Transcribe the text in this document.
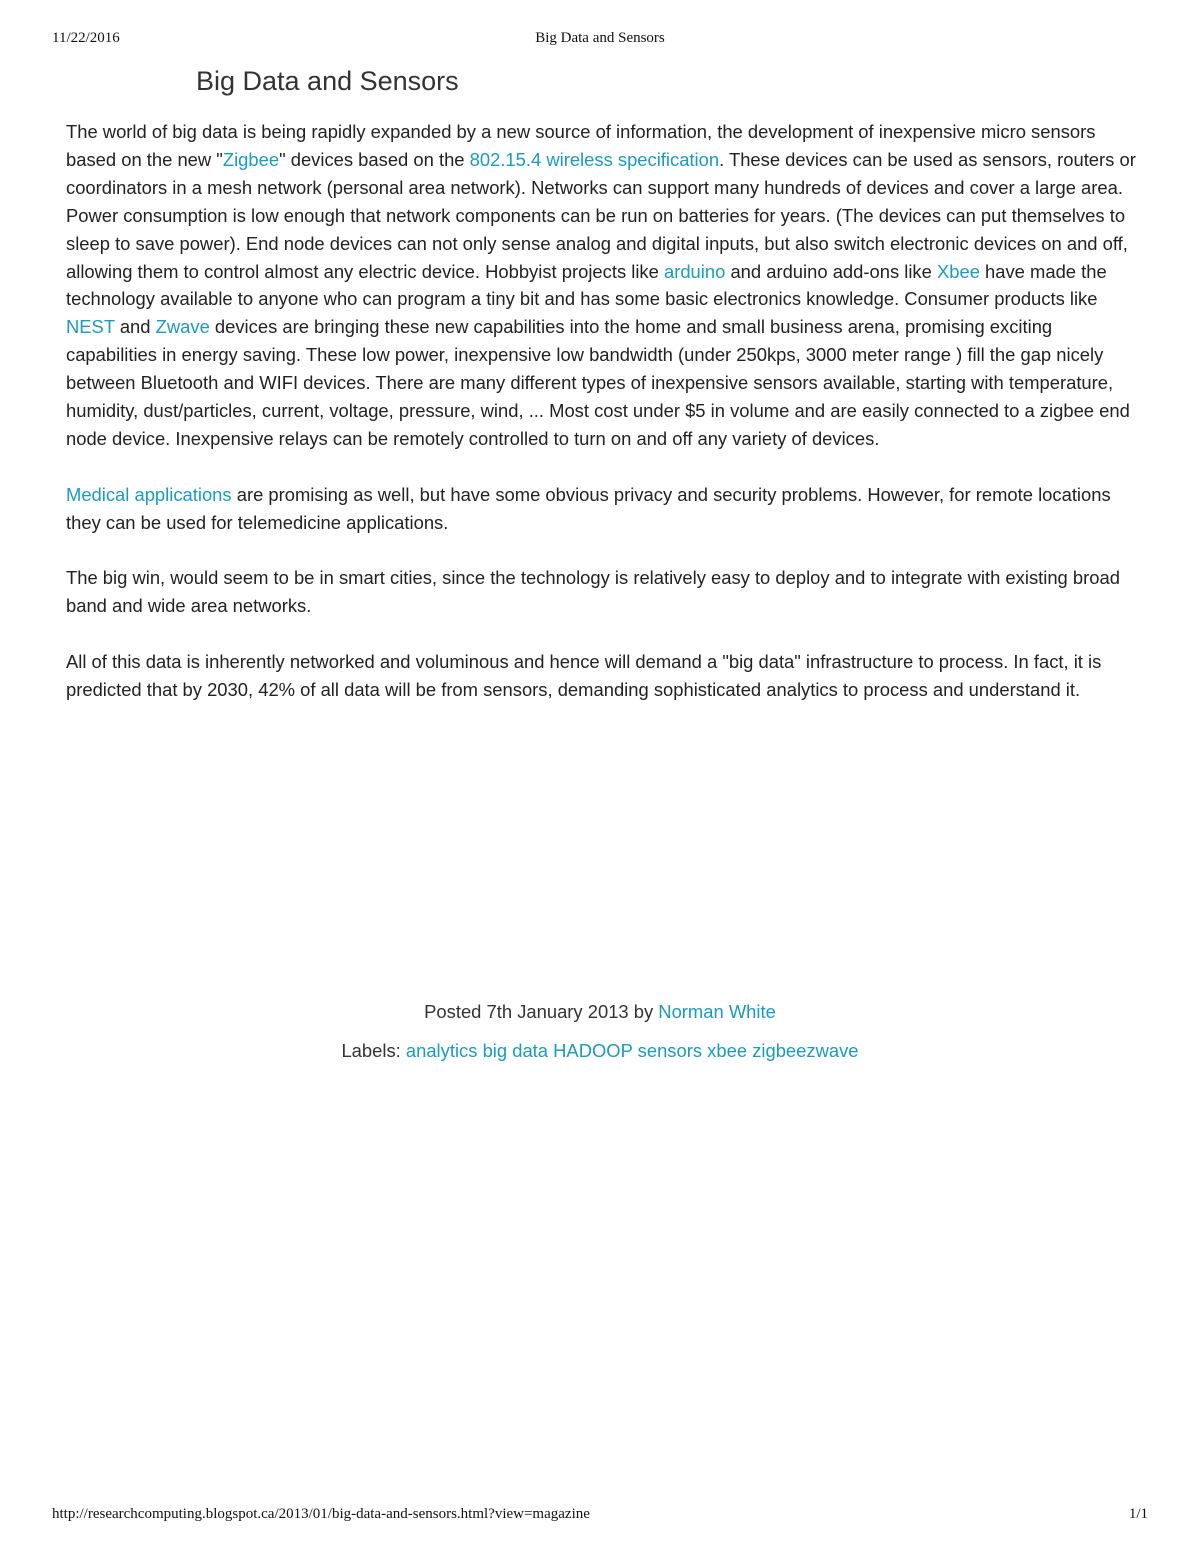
11/22/2016	Big Data and Sensors
Big Data and Sensors

The world of big data is being rapidly expanded by a new source of information, the development of inexpensive micro sensors based on the new "Zigbee" devices based on the 802.15.4 wireless specification. These devices can be used as sensors, routers or coordinators in a mesh network (personal area network). Networks can support many hundreds of devices and cover a large area. Power consumption is low enough that network components can be run on batteries for years. (The devices can put themselves to sleep to save power). End node devices can not only sense analog and digital inputs, but also switch electronic devices on and off, allowing them to control almost any electric device. Hobbyist projects like arduino and arduino add-ons like Xbee have made the technology available to anyone who can program a tiny bit and has some basic electronics knowledge. Consumer products like NEST and Zwave devices are bringing these new capabilities into the home and small business arena, promising exciting capabilities in energy saving. These low power, inexpensive low bandwidth (under 250kps, 3000 meter range ) fill the gap nicely between Bluetooth and WIFI devices. There are many different types of inexpensive sensors available, starting with temperature, humidity, dust/particles, current, voltage, pressure, wind, ... Most cost under $5 in volume and are easily connected to a zigbee end node device. Inexpensive relays can be remotely controlled to turn on and off any variety of devices.

Medical applications are promising as well, but have some obvious privacy and security problems. However, for remote locations they can be used for telemedicine applications.

The big win, would seem to be in smart cities, since the technology is relatively easy to deploy and to integrate with existing broad band and wide area networks.

All of this data is inherently networked and voluminous and hence will demand a "big data" infrastructure to process. In fact, it is predicted that by 2030, 42% of all data will be from sensors, demanding sophisticated analytics to process and understand it.

Posted 7th January 2013 by Norman White
Labels: analytics big data HADOOP sensors xbee zigbeezwave
http://researchcomputing.blogspot.ca/2013/01/big-data-and-sensors.html?view=magazine	1/1
